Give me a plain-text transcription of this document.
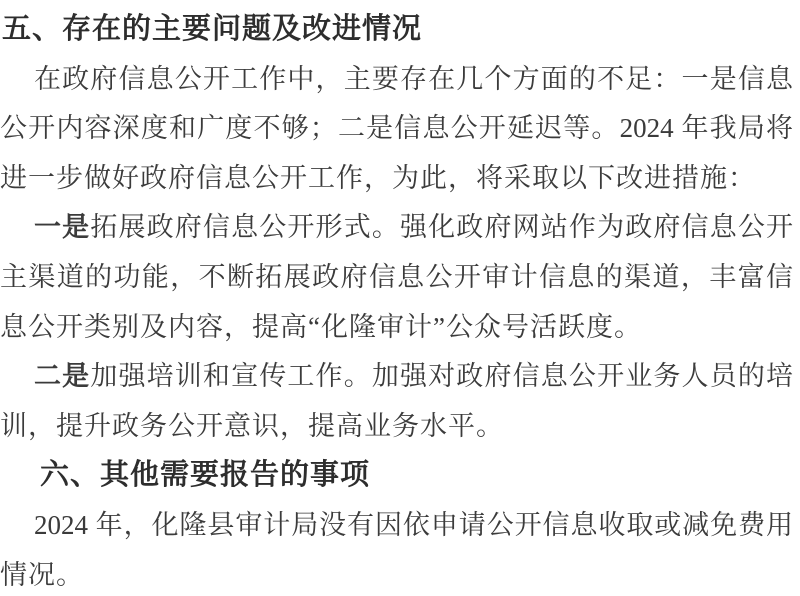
五、存在的主要问题及改进情况
在政府信息公开工作中，主要存在几个方面的不足：一是信息
公开内容深度和广度不够；二是信息公开延迟等。2024 年我局将
进一步做好政府信息公开工作，为此，将采取以下改进措施：
一是拓展政府信息公开形式。强化政府网站作为政府信息公开
主渠道的功能，不断拓展政府信息公开审计信息的渠道，丰富信
息公开类别及内容，提高“化隆审计”公众号活跃度。
二是加强培训和宣传工作。加强对政府信息公开业务人员的培
训，提升政务公开意识，提高业务水平。
六、其他需要报告的事项
2024 年，化隆县审计局没有因依申请公开信息收取或减免费用
情况。
